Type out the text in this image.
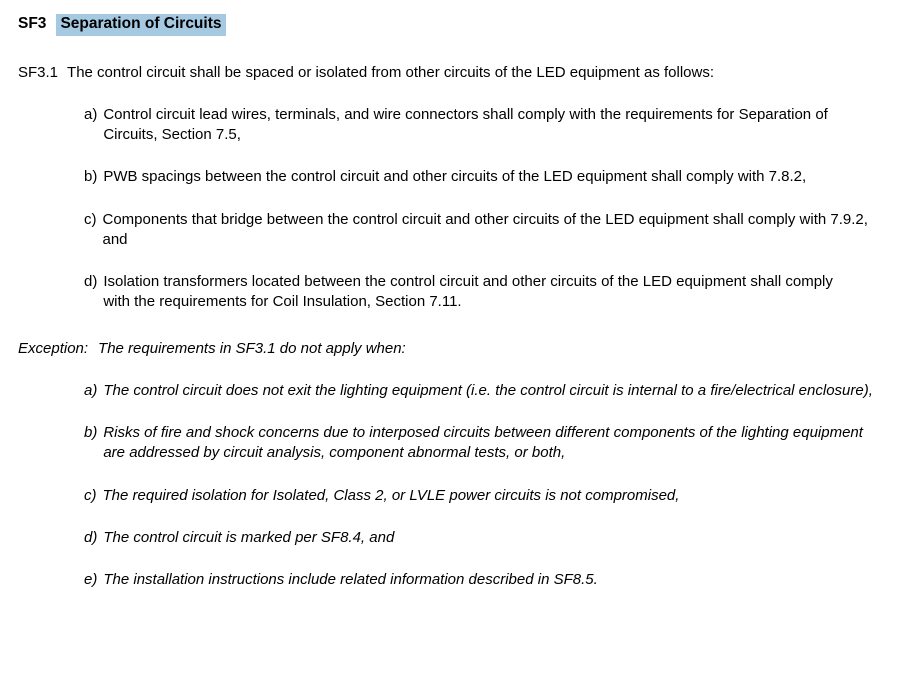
SF3 Separation of Circuits
SF3.1 The control circuit shall be spaced or isolated from other circuits of the LED equipment as follows:
a) Control circuit lead wires, terminals, and wire connectors shall comply with the requirements for Separation of Circuits, Section 7.5,
b) PWB spacings between the control circuit and other circuits of the LED equipment shall comply with 7.8.2,
c) Components that bridge between the control circuit and other circuits of the LED equipment shall comply with 7.9.2, and
d) Isolation transformers located between the control circuit and other circuits of the LED equipment shall comply with the requirements for Coil Insulation, Section 7.11.
Exception: The requirements in SF3.1 do not apply when:
a) The control circuit does not exit the lighting equipment (i.e. the control circuit is internal to a fire/electrical enclosure),
b) Risks of fire and shock concerns due to interposed circuits between different components of the lighting equipment are addressed by circuit analysis, component abnormal tests, or both,
c) The required isolation for Isolated, Class 2, or LVLE power circuits is not compromised,
d) The control circuit is marked per SF8.4, and
e) The installation instructions include related information described in SF8.5.
